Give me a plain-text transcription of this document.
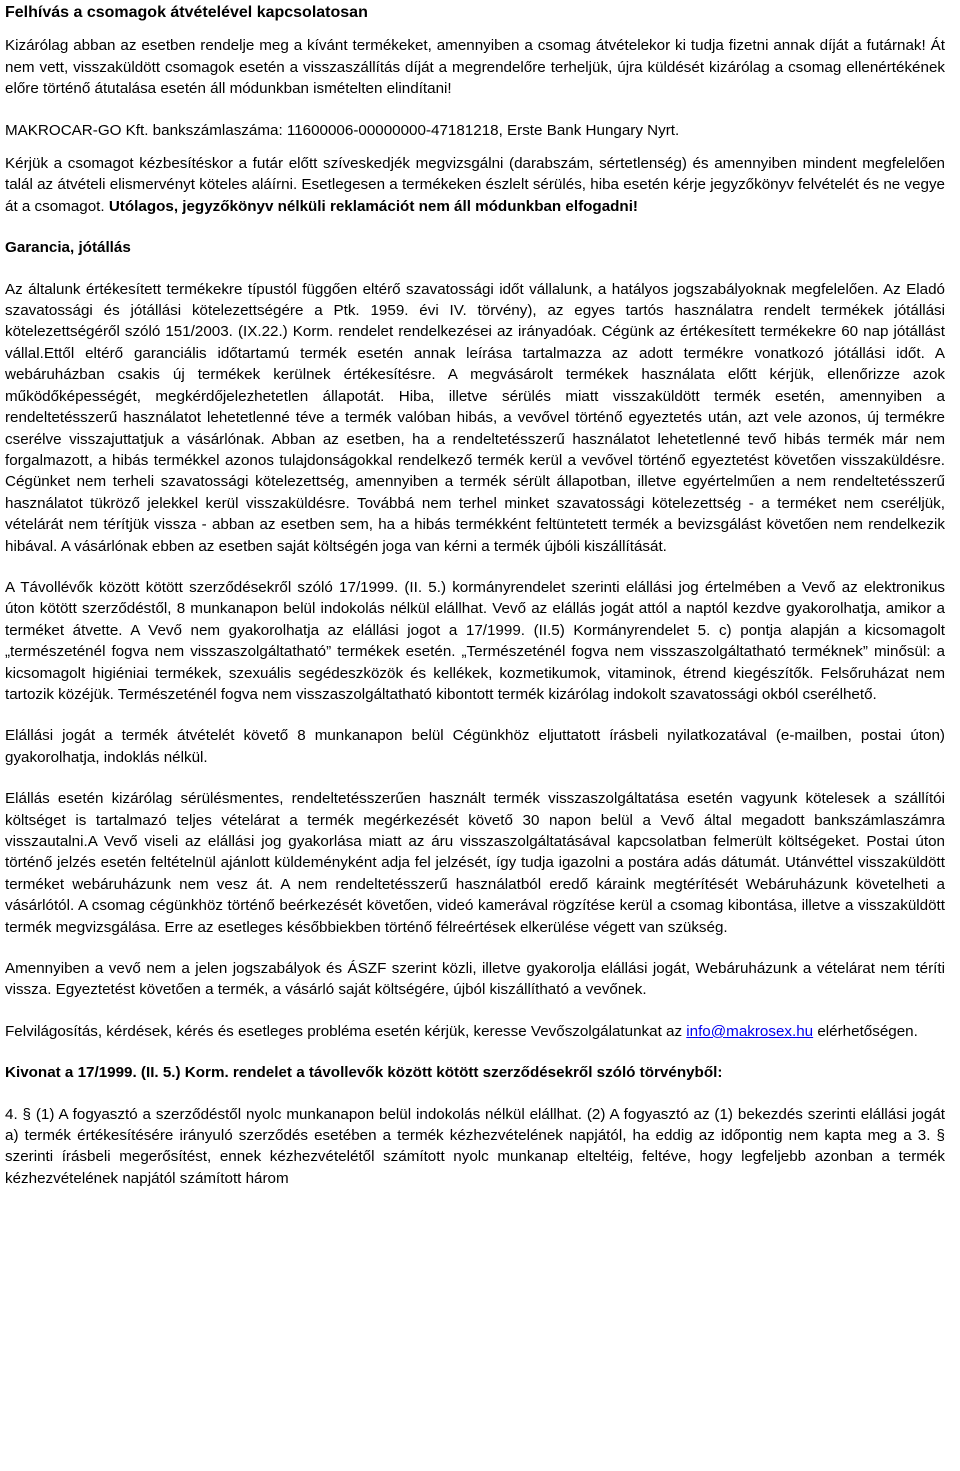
Felhívás a csomagok átvételével kapcsolatosan

Kizárólag abban az esetben rendelje meg a kívánt termékeket, amennyiben a csomag átvételekor ki tudja fizetni annak díját a futárnak! Át nem vett, visszaküldött csomagok esetén a visszaszállítás díját a megrendelőre terheljük, újra küldését kizárólag a csomag ellenértékének előre történő átutalása esetén áll módunkban ismételten elindítani!

MAKROCAR-GO Kft. bankszámlaszáma: 11600006-00000000-47181218, Erste Bank Hungary Nyrt.

Kérjük a csomagot kézbesítéskor a futár előtt szíveskedjék megvizsgálni (darabszám, sértetlenség) és amennyiben mindent megfelelően talál az átvételi elismervényt köteles aláírni. Esetlegesen a termékeken észlelt sérülés, hiba esetén kérje jegyzőkönyv felvételét és ne vegye át a csomagot. Utólagos, jegyzőkönyv nélküli reklamációt nem áll módunkban elfogadni!

Garancia, jótállás

Az általunk értékesített termékekre típustól függően eltérő szavatossági időt vállalunk, a hatályos jogszabályoknak megfelelően. Az Eladó szavatossági és jótállási kötelezettségére a Ptk. 1959. évi IV. törvény), az egyes tartós használatra rendelt termékek jótállási kötelezettségéről szóló 151/2003. (IX.22.) Korm. rendelet rendelkezései az irányadóak. Cégünk az értékesített termékekre 60 nap jótállást vállal.Ettől eltérő garanciális időtartamú termék esetén annak leírása tartalmazza az adott termékre vonatkozó jótállási időt. A webáruházban csakis új termékek kerülnek értékesítésre. A megvásárolt termékek használata előtt kérjük, ellenőrizze azok működőképességét, megkérdőjelezhetetlen állapotát. Hiba, illetve sérülés miatt visszaküldött termék esetén, amennyiben a rendeltetésszerű használatot lehetetlenné téve a termék valóban hibás, a vevővel történő egyeztetés után, azt vele azonos, új termékre cserélve visszajuttatjuk a vásárlónak. Abban az esetben, ha a rendeltetésszerű használatot lehetetlenné tevő hibás termék már nem forgalmazott, a hibás termékkel azonos tulajdonságokkal rendelkező termék kerül a vevővel történő egyeztetést követően visszaküldésre. Cégünket nem terheli szavatossági kötelezettség, amennyiben a termék sérült állapotban, illetve egyértelműen a nem rendeltetésszerű használatot tükröző jelekkel kerül visszaküldésre. Továbbá nem terhel minket szavatossági kötelezettség - a terméket nem cseréljük, vételárát nem térítjük vissza - abban az esetben sem, ha a hibás termékként feltüntetett termék a bevizsgálást követően nem rendelkezik hibával. A vásárlónak ebben az esetben saját költségén joga van kérni a termék újbóli kiszállítását.

A Távollévők között kötött szerződésekről szóló 17/1999. (II. 5.) kormányrendelet szerinti elállási jog értelmében a Vevő az elektronikus úton kötött szerződéstől, 8 munkanapon belül indokolás nélkül elállhat. Vevő az elállás jogát attól a naptól kezdve gyakorolhatja, amikor a terméket átvette. A Vevő nem gyakorolhatja az elállási jogot a 17/1999. (II.5) Kormányrendelet 5. c) pontja alapján a kicsomagolt „természeténél fogva nem visszaszolgáltatható” termékek esetén. „Természeténél fogva nem visszaszolgáltatható terméknek” minősül: a kicsomagolt higiéniai termékek, szexuális segédeszközök és kellékek, kozmetikumok, vitaminok, étrend kiegészítők. Felsőruházat nem tartozik közéjük. Természeténél fogva nem visszaszolgáltatható kibontott termék kizárólag indokolt szavatossági okból cserélhető.

Elállási jogát a termék átvételét követő 8 munkanapon belül Cégünkhöz eljuttatott írásbeli nyilatkozatával (e-mailben, postai úton) gyakorolhatja, indoklás nélkül.

Elállás esetén kizárólag sérülésmentes, rendeltetésszerűen használt termék visszaszolgáltatása esetén vagyunk kötelesek a szállítói költséget is tartalmazó teljes vételárat a termék megérkezését követő 30 napon belül a Vevő által megadott bankszámlaszámra visszautalni.A Vevő viseli az elállási jog gyakorlása miatt az áru visszaszolgáltatásával kapcsolatban felmerült költségeket. Postai úton történő jelzés esetén feltételnül ajánlott küldeményként adja fel jelzését, így tudja igazolni a postára adás dátumát. Utánvéttel visszaküldött terméket webáruházunk nem vesz át. A nem rendeltetésszerű használatból eredő káraink megtérítését Webáruházunk követelheti a vásárlótól. A csomag cégünkhöz történő beérkezését követően, videó kamerával rögzítése kerül a csomag kibontása, illetve a visszaküldött termék megvizsgálása. Erre az esetleges későbbiekben történő félreértések elkerülése végett van szükség.

Amennyiben a vevő nem a jelen jogszabályok és ÁSZF szerint közli, illetve gyakorolja elállási jogát, Webáruházunk a vételárat nem téríti vissza. Egyeztetést követően a termék, a vásárló saját költségére, újból kiszállítható a vevőnek.

Felvilágosítás, kérdések, kérés és esetleges probléma esetén kérjük, keresse Vevőszolgálatunkat az info@makrosex.hu elérhetőségen.

Kivonat a 17/1999. (II. 5.) Korm. rendelet a távollevők között kötött szerződésekről szóló törvényből:

4. § (1) A fogyasztó a szerződéstől nyolc munkanapon belül indokolás nélkül elállhat. (2) A fogyasztó az (1) bekezdés szerinti elállási jogát a) termék értékesítésére irányuló szerződés esetében a termék kézhezvételének napjától, ha eddig az időpontig nem kapta meg a 3. § szerinti írásbeli megerősítést, ennek kézhezvételétől számított nyolc munkanap elteltéig, feltéve, hogy legfeljebb azonban a termék kézhezvételének napjától számított három
